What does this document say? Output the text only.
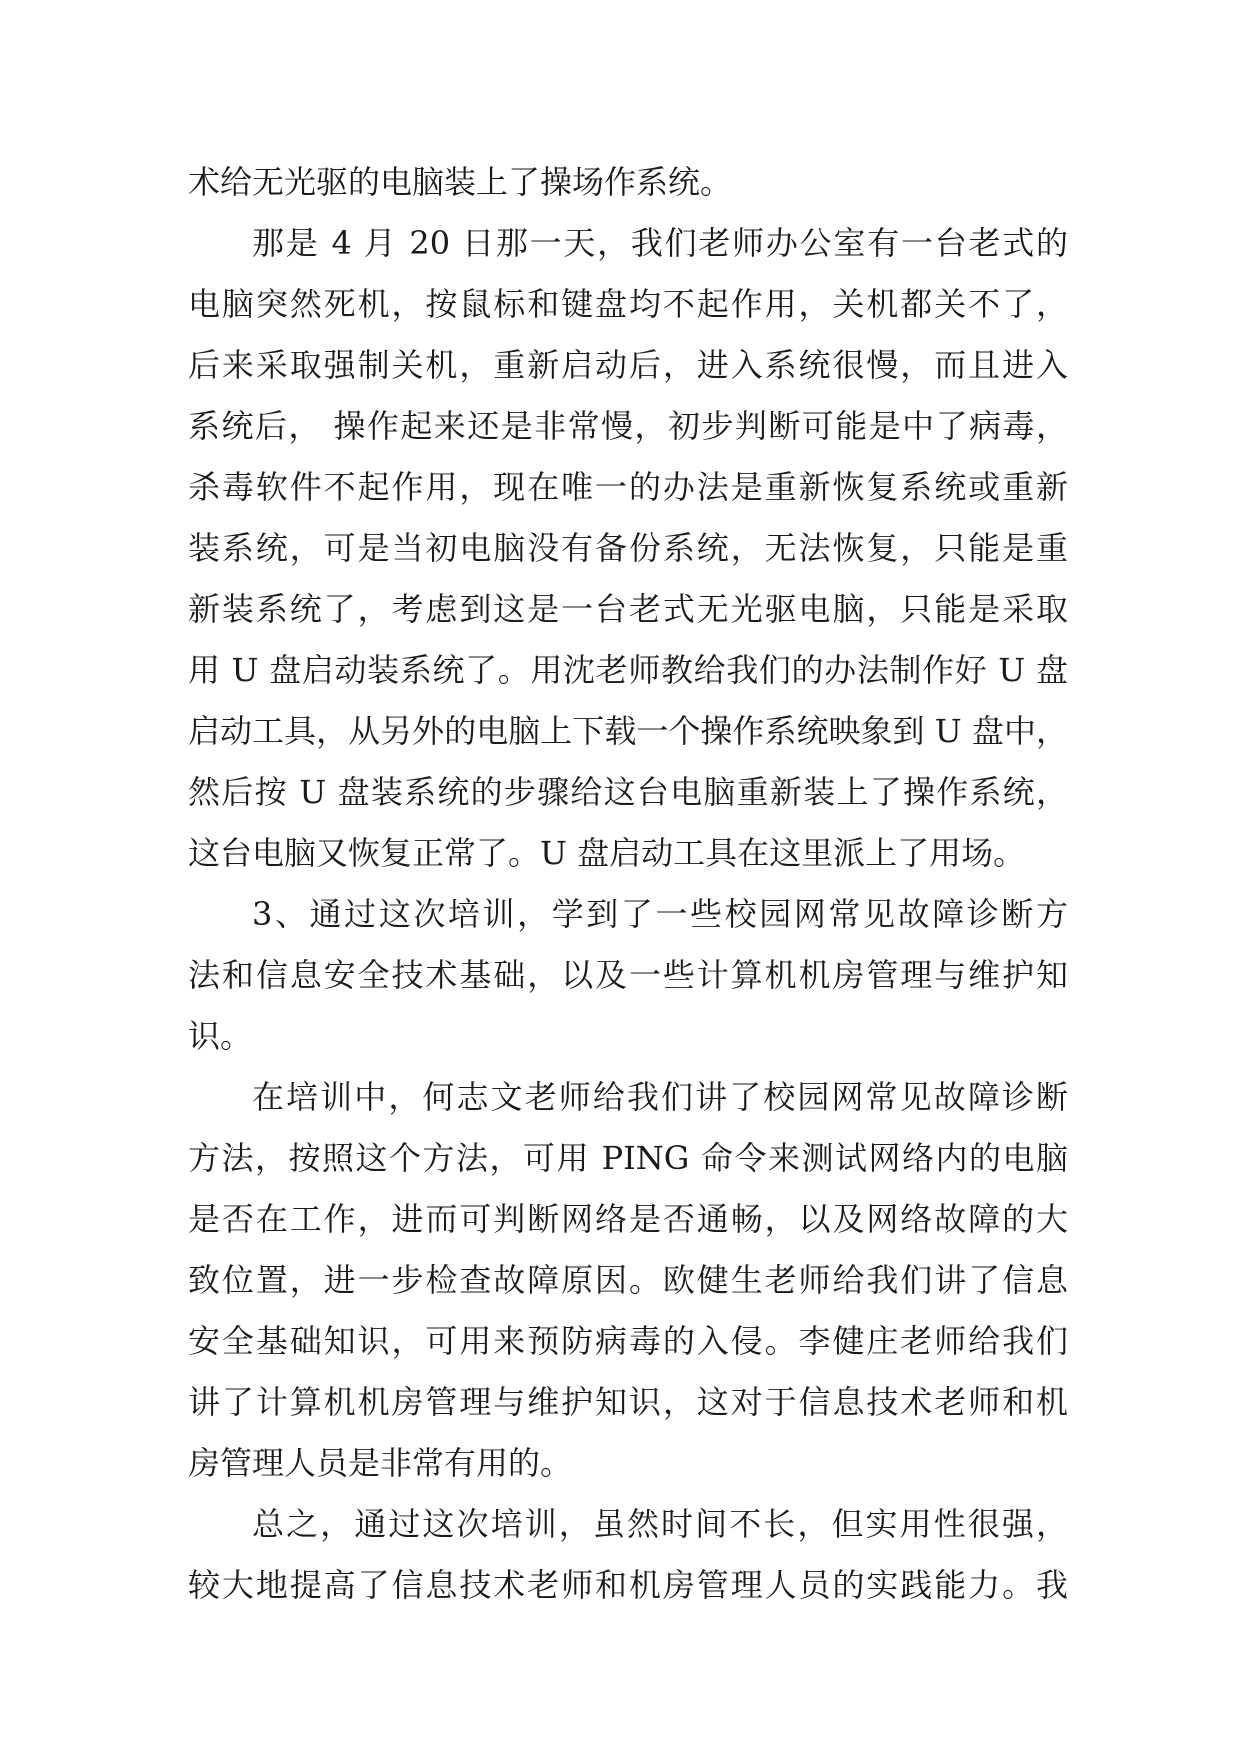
术给无光驱的电脑装上了操场作系统。
那是 4 月 20 日那一天，我们老师办公室有一台老式的
电脑突然死机，按鼠标和键盘均不起作用，关机都关不了，
后来采取强制关机，重新启动后，进入系统很慢，而且进入
系统后， 操作起来还是非常慢，初步判断可能是中了病毒，
杀毒软件不起作用，现在唯一的办法是重新恢复系统或重新
装系统，可是当初电脑没有备份系统，无法恢复，只能是重
新装系统了，考虑到这是一台老式无光驱电脑，只能是采取
用 U 盘启动装系统了。用沈老师教给我们的办法制作好 U 盘
启动工具，从另外的电脑上下载一个操作系统映象到 U 盘中，
然后按 U 盘装系统的步骤给这台电脑重新装上了操作系统，
这台电脑又恢复正常了。U 盘启动工具在这里派上了用场。
3、通过这次培训，学到了一些校园网常见故障诊断方
法和信息安全技术基础，以及一些计算机机房管理与维护知
识。
在培训中，何志文老师给我们讲了校园网常见故障诊断
方法，按照这个方法，可用 PING 命令来测试网络内的电脑
是否在工作，进而可判断网络是否通畅，以及网络故障的大
致位置，进一步检查故障原因。欧健生老师给我们讲了信息
安全基础知识，可用来预防病毒的入侵。李健庄老师给我们
讲了计算机机房管理与维护知识，这对于信息技术老师和机
房管理人员是非常有用的。
总之，通过这次培训，虽然时间不长，但实用性很强，
较大地提高了信息技术老师和机房管理人员的实践能力。我
